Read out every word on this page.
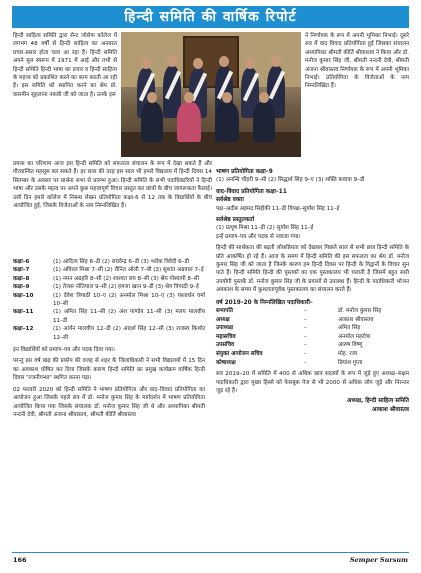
हिन्दी समिति की वार्षिक रिपोर्ट
हिन्दी साहित्य समिति द्वारा सेन्ट जोसेफ कॉलेज में लगभग 48 वर्षों से हिन्दी साहित्य का अनवरत प्रचार-प्रसार होता चला आ रहा है। हिन्दी समिति अपने मूल स्वरूप में 1971 में आई और तभी से हिन्दी समिति हिन्दी भाषा का प्रचार व हिन्दी साहित्य के महत्त्व को प्रकाशित करने का काम करती आ रही है। इस समिति को स्थापित करने का श्रेय प्रो. वासमीन सुहलाना नकवी जी को जाता है। उनके इस
ने निर्णायक के रूप में अपनी भूमिका निभाई। दूसरे सत्र में वाद विवाद प्रतियोगिता हुई जिसका संचालन अध्यापिका श्रीमती कीर्ति श्रीवास्तव ने किया और डॉ. मनोज कुमार सिंह जी, श्रीमती नन्दनी देवी, श्रीमती अंजना श्रीवास्तव निर्णायक के रूप में अपनी भूमिका निभाई। प्रतियोगिता के विजेताओं के नाम निम्नलिखित हैं।
प्रयास का परिणाम आज इस हिन्दी समिति को सफलता संचालन के रूप में देखा सकते हैं और गौरवान्वित महसूस कर सकते हैं। हर साल की तरह इस साल भी हमारे विद्यालय में हिन्दी दिवस 14 सितम्बर के अवसर पर प्रार्थना सभा से प्रारम्भ हुआ। हिन्दी समिति के सभी पदाधिकारियों ने हिन्दी भाषा और उसके महत्व पर अपने कुछ महत्त्वपूर्ण विचार प्रस्तुत कर छात्रों के बीच जागरूकता फैलाई। उसी दिन हमारे कॉलेज में निबन्ध लेखन प्रतियोगिता कक्षा-6 से 12 तक के विद्यार्थियों के बीच आयोजित हुई, जिसके विजेताओं के नाम निम्नलिखित हैं।
कक्षा–6	(1) आदित्य सिंह 6–डी (2) राघवेन्द्र 6–डी (3) श्लोक त्रिवेदी 6–डी
कक्षा–7	(1) अविरल मिश्रा 7–सी (2) रौनित ओली 7–बी (3) सुशांत अग्रवाल 7–ई
कक्षा–8	(1) नमन अग्रहरि 8–सी (2) शाश्वत राय 8–सी (3) श्रेय गोस्वामी 8–सी
कक्षा–9	(1) तेजस नोतियाल 9–सी (2) हमजा खान 9–डी (3) श्रेय त्रिपाठी 9–ई
कक्षा–10	(1) देवेश त्रिपाठी 10–ए (2) अनमोल मिश्रा 10–ए (3) यशवर्धन वर्मा 10–सी
कक्षा–11	(1) अमित सिंह 11–सी (2) अंश पाण्डेय 11–सी (3) मलय मालवीय 11–डी
कक्षा–12	(1) आर्यन मालवीय 12–डी (2) आदर्श सिंह 12–सी (3) राजस्व किशोर 12–सी
इन विद्यार्थियों को प्रमाण–पत्र और पदक दिया गया।
परन्तु इस वर्ष बाढ़ की प्रकोप की वजह से शहर के जिलाधिकारी ने सभी विद्यालयों में 15 दिन का अवकाश घोषित कर दिया जिसके कारण हिन्दी समिति का प्रमुख कार्यक्रम वार्षिक हिन्दी दिवस "रजनीगन्धा" स्थगित करना पड़ा।
02 फरवरी 2020 को हिन्दी समिति ने भाषण प्रतियोगिता और वाद–विवाद प्रतियोगिता का आयोजन हुआ जिसके पहले सत्र में डॉ. मनोज कुमार सिंह के मार्गदर्शन में भाषण प्रतियोगिता आयोजित किया गया जिसके संचालक डॉ. मनोज कुमार सिंह जी थे और अध्यापिका श्रीमती नन्दनी देवी, श्रीमती अंजना श्रीवास्तव, श्रीमती कीर्ति श्रीवास्तव
भाषण प्रतियोगिता कक्षा–9
(1) अनन्धि चौहरी 9–सी (2) सिद्धार्थ सिंह 9–ए (3) शक्ति कवात्रा 9–डी
वाद–विवाद प्रतियोगिता कक्षा–11
सर्वश्रेष्ठ वक्ता
पक्ष–अदीब अहमद सिद्दीकी 11–डी विपक्ष–सूर्यांश सिंह 11–ई
सर्वश्रेष्ठ प्रस्तुतकर्ता
(1) प्रत्यूष मिश्रा 11–डी (2) सूर्यांश सिंह 11–ई
इन्हें प्रमाण–पत्र और पदक से नवाजा गया।
हिन्दी की सार्थकता की बढ़ती लोकप्रियता को देखकर पिछले साल से सभी छात्र हिन्दी समिति के प्रति आकर्षित हो रहे हैं। आज के समय में हिन्दी समिति की इस सफलता का श्रेय डॉ. मनोज कुमार सिंह जी को जाता है जिनके कारण हम हिन्दी दिवस पर हिन्दी के विद्वानों के विचार सुन पाते हैं। हिन्दी समिति हिन्दी की पुस्तकों का एक पुस्तकालय भी चलाती है जिसमें बहुत सारी उपयोगी पुस्तकें डॉ. मनोज कुमार सिंह जी के प्रयासों से उपलब्ध हैं। हिन्दी के पदाधिकारी भोजन अवकाश के समय में कुशलतापूर्वक पुस्तकालय का संचालन करते हैं।
वर्ष 2019–20 के निम्नलिखित पदाधिकारी–
सभापति	–	डॉ. मनोज कुमार सिंह
अध्यक्ष	–	आकाश श्रीवास्तव
उपाध्यक्ष	–	अमित सिंह
महासचिव	–	अनमोल महरोत्रा
उपसचिव	–	आरुष विष्णु
संयुक्त आयोजन सचिव	–	मोह. रजा
कोषाध्यक्ष	–	प्रियांश गुप्ता
सत्र 2019–20 में समिति में 400 से अधिक छात्र सदस्यों के रूप में जुड़े हुए अध्यक्ष–सक्षम पदाधिकारी द्वारा मुख्य हिस्से को फेसबुक पेज से भी 2000 से अधिक लोग जुड़े और निरन्तर जुड़ रहे हैं।
अध्यक्ष, हिन्दी साहित्य समिति
आकाश श्रीवास्तव
166	Semper Sursum
